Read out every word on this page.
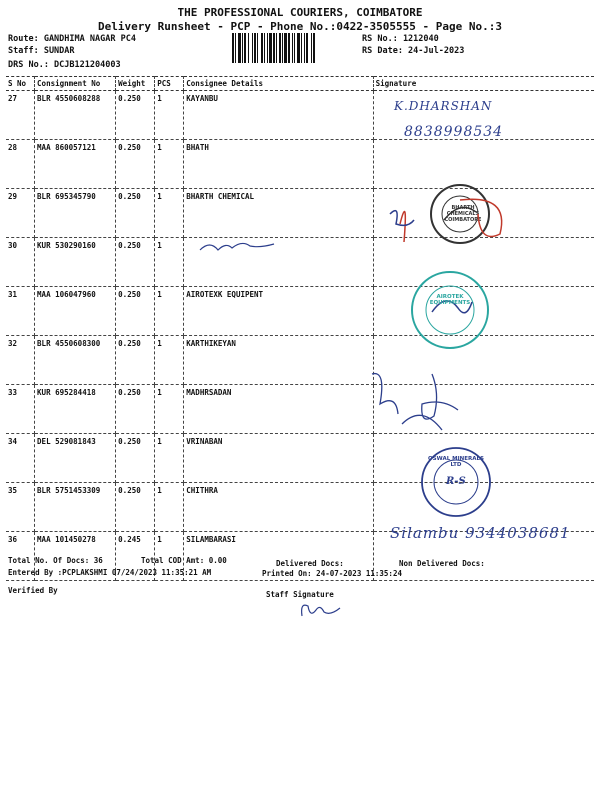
THE PROFESSIONAL COURIERS, COIMBATORE
Delivery Runsheet - PCP - Phone No.:0422-3505555 - Page No.:3
Route: GANDHIMA NAGAR PC4
Staff: SUNDAR
DRS No.: DCJB121204003
RS No.: 1212040
RS Date: 24-Jul-2023
S No	Consignment No	Weight	PCS	Consignee Details	Signature
27	BLR 4550608288	0.250	1	KAYANBU	
28	MAA 860057121	0.250	1	BHATH	
29	BLR 695345790	0.250	1	BHARTH CHEMICAL	
30	KUR 530290160	0.250	1		
31	MAA 106047960	0.250	1	AIROTEXK EQUIPENT	
32	BLR 4550608300	0.250	1	KARTHIKEYAN	
33	KUR 695284418	0.250	1	MADHRSADAN	
34	DEL 529081843	0.250	1	VRINABAN	
35	BLR 5751453309	0.250	1	CHITHRA	
36	MAA 101450278	0.245	1	SILAMBARASI	
K.DHARSHAN
8838998534
Silambu 9344038681
BHARTH CHEMICALS COIMBATORE
AIROTEK EQUIPMENTS
OSWAL MINERALS LTD
R-S
Total No. Of Docs: 36	Total COD Amt: 0.00	Delivered Docs:	Non Delivered Docs:
Entered By :PCPLAKSHMI 07/24/2023 11:35:21 AM	Printed On: 24-07-2023 11:35:24
Verified By	Staff Signature
